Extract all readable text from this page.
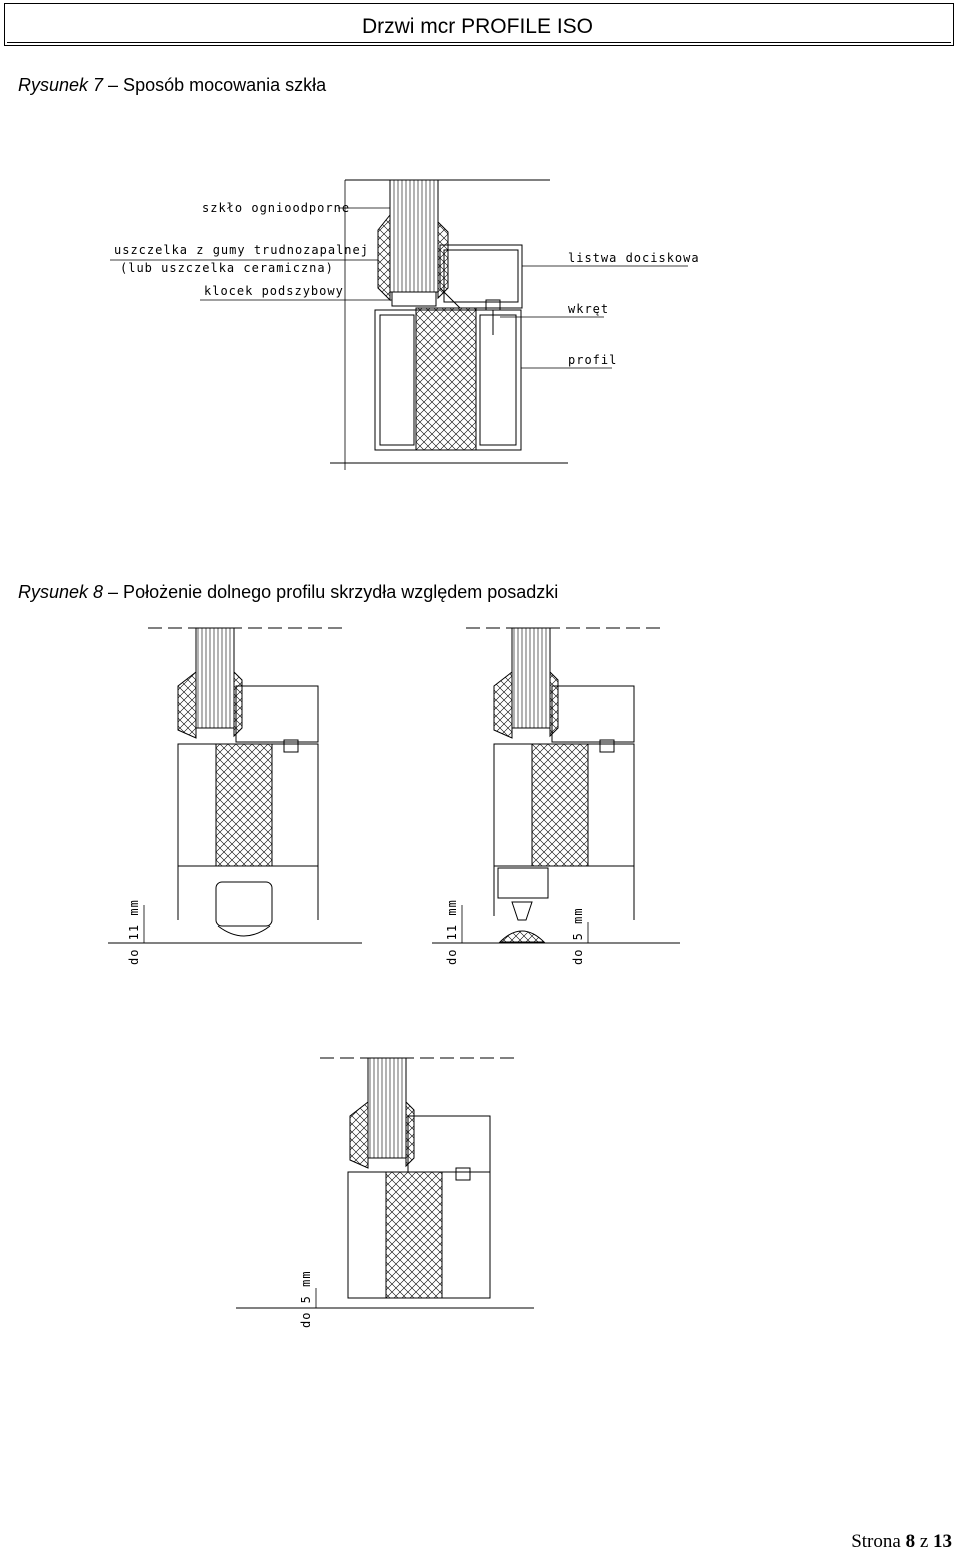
Drzwi mcr PROFILE ISO
Rysunek 7 – Sposób mocowania szkła
szkło ognioodporne
uszczelka z gumy trudnozapalnej
(lub uszczelka ceramiczna)
klocek podszybowy
listwa dociskowa
wkręt
profil
Rysunek 8 – Położenie dolnego profilu skrzydła względem posadzki
do 11 mm	do 11 mm	do 5 mm
do 5 mm
Strona 8 z 13
